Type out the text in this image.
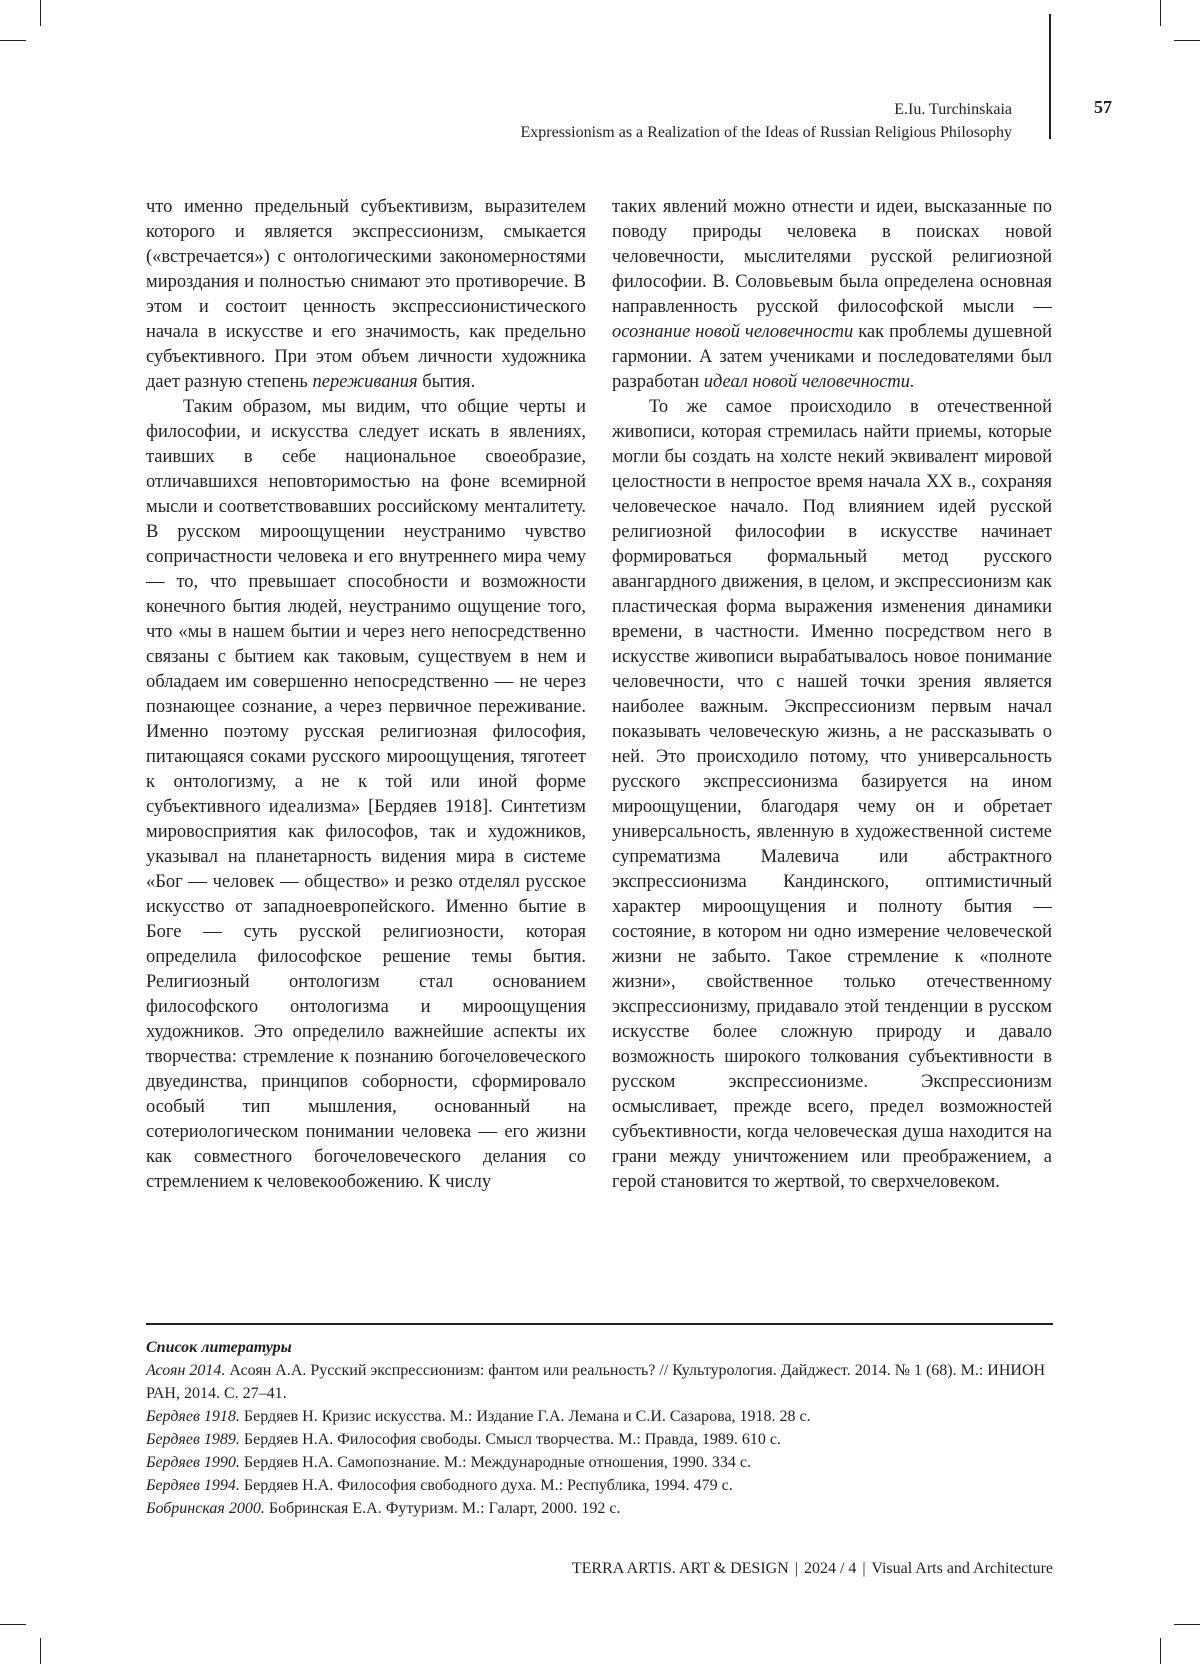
E.Iu. Turchinskaia
Expressionism as a Realization of the Ideas of Russian Religious Philosophy
57

что именно предельный субъективизм, выразителем которого и является экспрессионизм, смыкается («встречается») с онтологическими закономерностями мироздания и полностью снимают это противоречие. В этом и состоит ценность экспрессионистического начала в искусстве и его значимость, как предельно субъективного. При этом объем личности художника дает разную степень переживания бытия.

Таким образом, мы видим, что общие черты и философии, и искусства следует искать в явлениях, таивших в себе национальное своеобразие, отличавшихся неповторимостью на фоне всемирной мысли и соответствовавших российскому менталитету. В русском мироощущении неустранимо чувство сопричастности человека и его внутреннего мира чему — то, что превышает способности и возможности конечного бытия людей, неустранимо ощущение того, что «мы в нашем бытии и через него непосредственно связаны с бытием как таковым, существуем в нем и обладаем им совершенно непосредственно — не через познающее сознание, а через первичное переживание. Именно поэтому русская религиозная философия, питающаяся соками русского мироощущения, тяготеет к онтологизму, а не к той или иной форме субъективного идеализма» [Бердяев 1918]. Синтетизм мировосприятия как философов, так и художников, указывал на планетарность видения мира в системе «Бог — человек — общество» и резко отделял русское искусство от западноевропейского. Именно бытие в Боге — суть русской религиозности, которая определила философское решение темы бытия. Религиозный онтологизм стал основанием философского онтологизма и мироощущения художников. Это определило важнейшие аспекты их творчества: стремление к познанию богочеловеческого двуединства, принципов соборности, сформировало особый тип мышления, основанный на сотериологическом понимании человека — его жизни как совместного богочеловеческого делания со стремлением к человекообожению. К числу

таких явлений можно отнести и идеи, высказанные по поводу природы человека в поисках новой человечности, мыслителями русской религиозной философии. В. Соловьевым была определена основная направленность русской философской мысли — осознание новой человечности как проблемы душевной гармонии. А затем учениками и последователями был разработан идеал новой человечности.

То же самое происходило в отечественной живописи, которая стремилась найти приемы, которые могли бы создать на холсте некий эквивалент мировой целостности в непростое время начала XX в., сохраняя человеческое начало. Под влиянием идей русской религиозной философии в искусстве начинает формироваться формальный метод русского авангардного движения, в целом, и экспрессионизм как пластическая форма выражения изменения динамики времени, в частности. Именно посредством него в искусстве живописи вырабатывалось новое понимание человечности, что с нашей точки зрения является наиболее важным. Экспрессионизм первым начал показывать человеческую жизнь, а не рассказывать о ней. Это происходило потому, что универсальность русского экспрессионизма базируется на ином мироощущении, благодаря чему он и обретает универсальность, явленную в художественной системе супрематизма Малевича или абстрактного экспрессионизма Кандинского, оптимистичный характер мироощущения и полноту бытия — состояние, в котором ни одно измерение человеческой жизни не забыто. Такое стремление к «полноте жизни», свойственное только отечественному экспрессионизму, придавало этой тенденции в русском искусстве более сложную природу и давало возможность широкого толкования субъективности в русском экспрессионизме. Экспрессионизм осмысливает, прежде всего, предел возможностей субъективности, когда человеческая душа находится на грани между уничтожением или преображением, а герой становится то жертвой, то сверхчеловеком.

Список литературы
Асоян 2014. Асоян А.А. Русский экспрессионизм: фантом или реальность? // Культурология. Дайджест. 2014. № 1 (68). М.: ИНИОН РАН, 2014. С. 27–41.
Бердяев 1918. Бердяев Н. Кризис искусства. М.: Издание Г.А. Лемана и С.И. Сазарова, 1918. 28 с.
Бердяев 1989. Бердяев Н.А. Философия свободы. Смысл творчества. М.: Правда, 1989. 610 с.
Бердяев 1990. Бердяев Н.А. Самопознание. М.: Международные отношения, 1990. 334 с.
Бердяев 1994. Бердяев Н.А. Философия свободного духа. М.: Республика, 1994. 479 с.
Бобринская 2000. Бобринская Е.А. Футуризм. М.: Галарт, 2000. 192 с.
TERRA ARTIS. ART & DESIGN | 2024 / 4 | Visual Arts and Architecture
